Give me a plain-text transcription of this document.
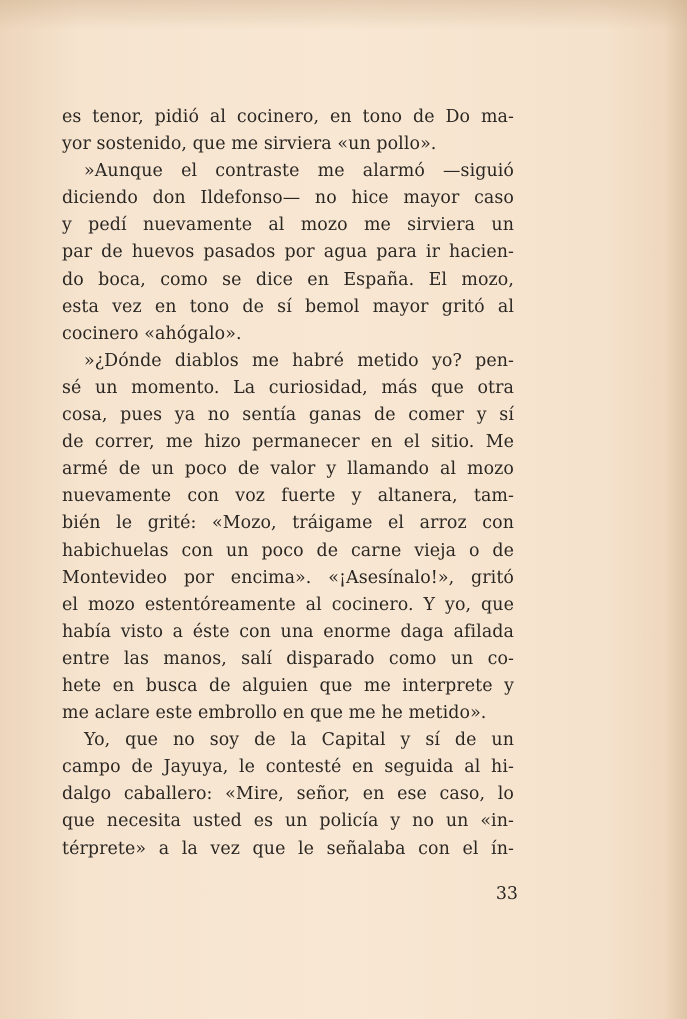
es tenor, pidió al cocinero, en tono de Do ma-
yor sostenido, que me sirviera «un pollo».
»Aunque el contraste me alarmó —siguió
diciendo don Ildefonso— no hice mayor caso
y pedí nuevamente al mozo me sirviera un
par de huevos pasados por agua para ir hacien-
do boca, como se dice en España. El mozo,
esta vez en tono de sí bemol mayor gritó al
cocinero «ahógalo».
»¿Dónde diablos me habré metido yo? pen-
sé un momento. La curiosidad, más que otra
cosa, pues ya no sentía ganas de comer y sí
de correr, me hizo permanecer en el sitio. Me
armé de un poco de valor y llamando al mozo
nuevamente con voz fuerte y altanera, tam-
bién le grité: «Mozo, tráigame el arroz con
habichuelas con un poco de carne vieja o de
Montevideo por encima». «¡Asesínalo!», gritó
el mozo estentóreamente al cocinero. Y yo, que
había visto a éste con una enorme daga afilada
entre las manos, salí disparado como un co-
hete en busca de alguien que me interprete y
me aclare este embrollo en que me he metido».
Yo, que no soy de la Capital y sí de un
campo de Jayuya, le contesté en seguida al hi-
dalgo caballero: «Mire, señor, en ese caso, lo
que necesita usted es un policía y no un «in-
térprete» a la vez que le señalaba con el ín-
33
